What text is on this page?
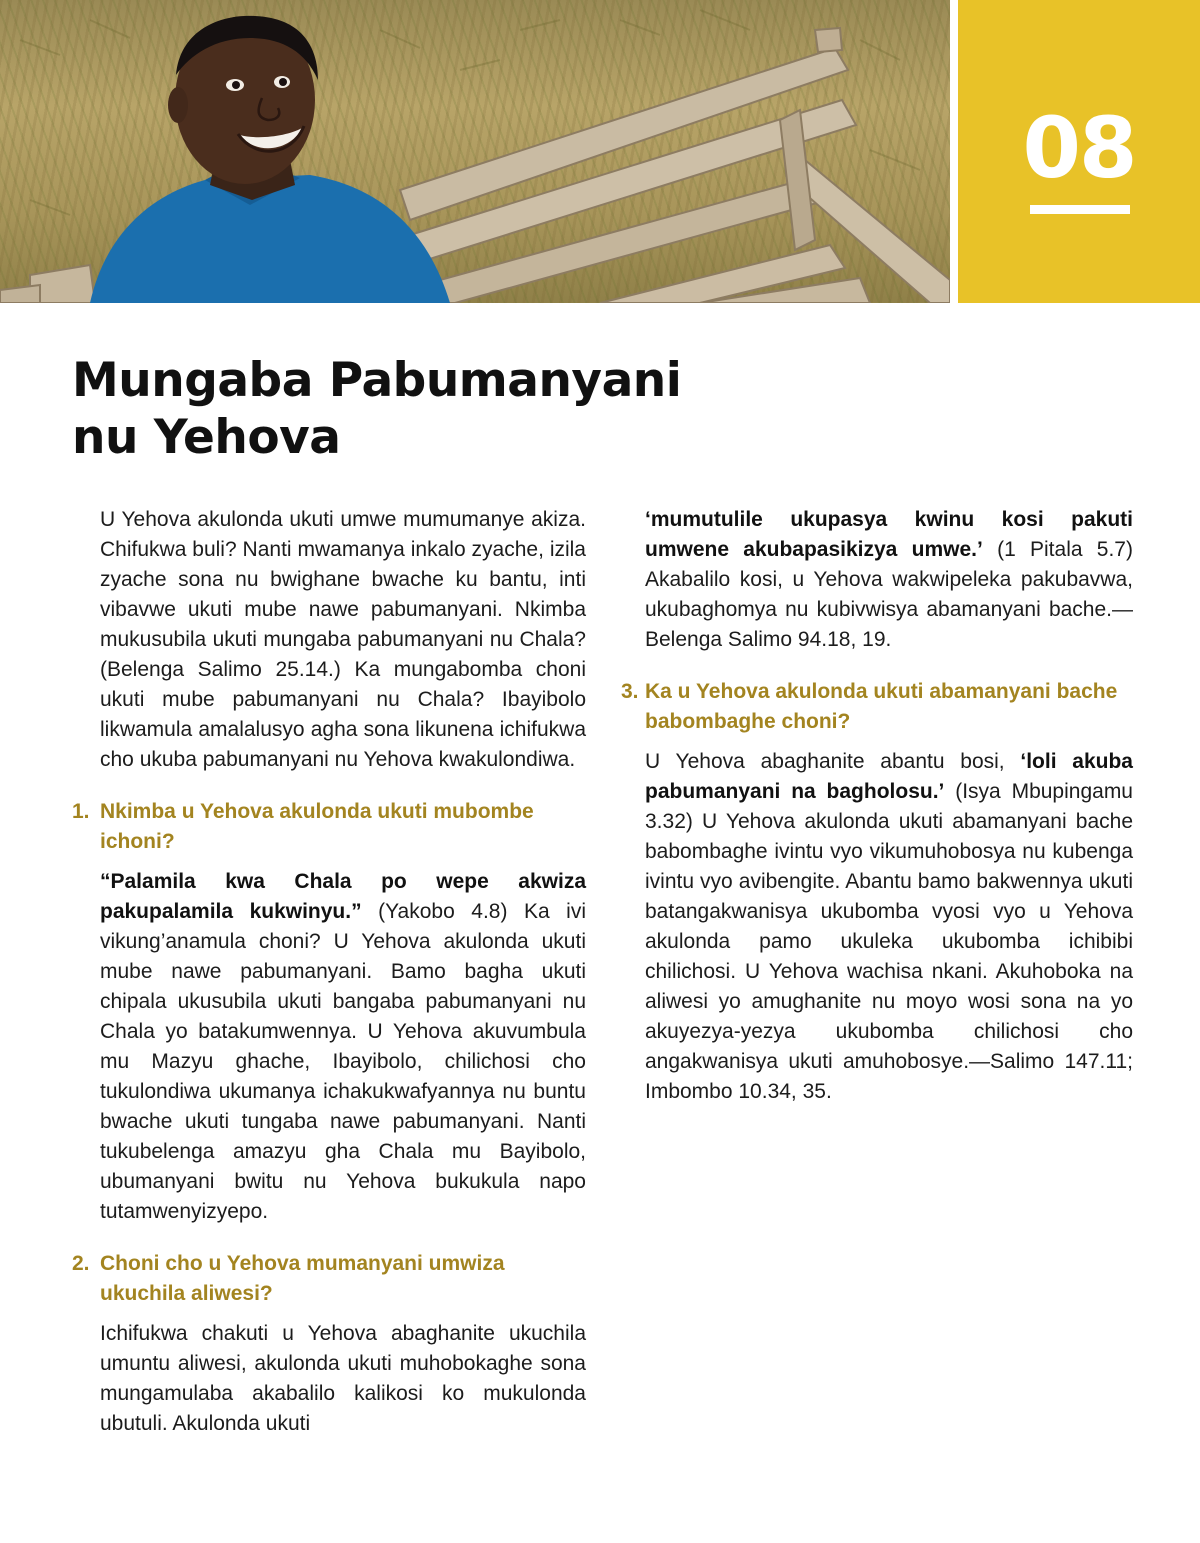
08
Mungaba Pabumanyani
nu Yehova

U Yehova akulonda ukuti umwe mumumanye akiza. Chifukwa buli? Nanti mwamanya inkalo zyache, izila zyache sona nu bwighane bwache ku bantu, inti vibavwe ukuti mube nawe pabumanyani. Nkimba mukusubila ukuti mungaba pabumanyani nu Chala? (Belenga Salimo 25.14.) Ka mungabomba choni ukuti mube pabumanyani nu Chala? Ibayibolo likwamula amalalusyo agha sona likunena ichifukwa cho ukuba pabumanyani nu Yehova kwakulondiwa.

1. Nkimba u Yehova akulonda ukuti mubombe ichoni?

“Palamila kwa Chala po wepe akwiza pakupalamila kukwinyu.” (Yakobo 4.8) Ka ivi vikung’anamula choni? U Yehova akulonda ukuti mube nawe pabumanyani. Bamo bagha ukuti chipala ukusubila ukuti bangaba pabumanyani nu Chala yo batakumwennya. U Yehova akuvumbula mu Mazyu ghache, Ibayibolo, chilichosi cho tukulondiwa ukumanya ichakukwafyannya nu buntu bwache ukuti tungaba nawe pabumanyani. Nanti tukubelenga amazyu gha Chala mu Bayibolo, ubumanyani bwitu nu Yehova bukukula napo tutamwenyizyepo.

2. Choni cho u Yehova mumanyani umwiza ukuchila aliwesi?

Ichifukwa chakuti u Yehova abaghanite ukuchila umuntu aliwesi, akulonda ukuti muhobokaghe sona mungamulaba akabalilo kalikosi ko mukulonda ubutuli. Akulonda ukuti

‘mumutulile ukupasya kwinu kosi pakuti umwene akubapasikizya umwe.’ (1 Pitala 5.7) Akabalilo kosi, u Yehova wakwipeleka pakubavwa, ukubaghomya nu kubivwisya abamanyani bache.—Belenga Salimo 94.18, 19.

3. Ka u Yehova akulonda ukuti abamanyani bache babombaghe choni?

U Yehova abaghanite abantu bosi, ‘loli akuba pabumanyani na bagholosu.’ (Isya Mbupingamu 3.32) U Yehova akulonda ukuti abamanyani bache babombaghe ivintu vyo vikumuhobosya nu kubenga ivintu vyo avibengite. Abantu bamo bakwennya ukuti batangakwanisya ukubomba vyosi vyo u Yehova akulonda pamo ukuleka ukubomba ichibibi chilichosi. U Yehova wachisa nkani. Akuhoboka na aliwesi yo amughanite nu moyo wosi sona na yo akuyezya-yezya ukubomba chilichosi cho angakwanisya ukuti amuhobosye.—Salimo 147.11; Imbombo 10.34, 35.
